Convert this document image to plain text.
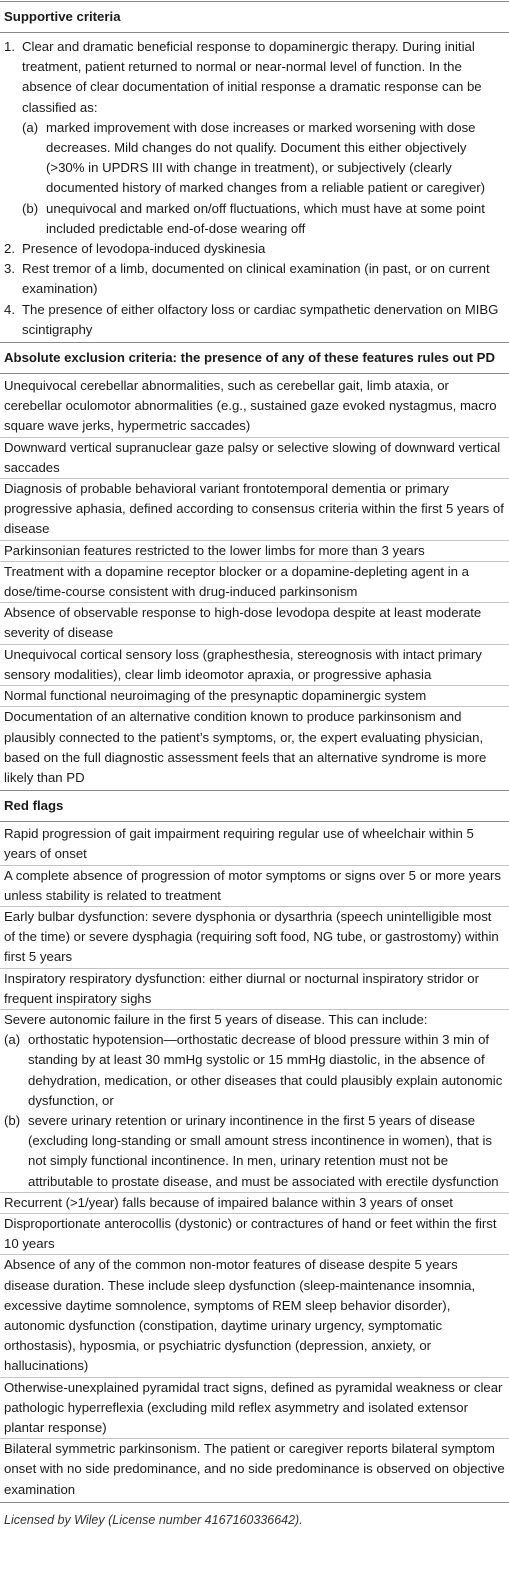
Supportive criteria
1. Clear and dramatic beneficial response to dopaminergic therapy. During initial treatment, patient returned to normal or near-normal level of function. In the absence of clear documentation of initial response a dramatic response can be classified as:
(a) marked improvement with dose increases or marked worsening with dose decreases. Mild changes do not qualify. Document this either objectively (>30% in UPDRS III with change in treatment), or subjectively (clearly documented history of marked changes from a reliable patient or caregiver)
(b) unequivocal and marked on/off fluctuations, which must have at some point included predictable end-of-dose wearing off
2. Presence of levodopa-induced dyskinesia
3. Rest tremor of a limb, documented on clinical examination (in past, or on current examination)
4. The presence of either olfactory loss or cardiac sympathetic denervation on MIBG scintigraphy
Absolute exclusion criteria: the presence of any of these features rules out PD
Unequivocal cerebellar abnormalities, such as cerebellar gait, limb ataxia, or cerebellar oculomotor abnormalities (e.g., sustained gaze evoked nystagmus, macro square wave jerks, hypermetric saccades)
Downward vertical supranuclear gaze palsy or selective slowing of downward vertical saccades
Diagnosis of probable behavioral variant frontotemporal dementia or primary progressive aphasia, defined according to consensus criteria within the first 5 years of disease
Parkinsonian features restricted to the lower limbs for more than 3 years
Treatment with a dopamine receptor blocker or a dopamine-depleting agent in a dose/time-course consistent with drug-induced parkinsonism
Absence of observable response to high-dose levodopa despite at least moderate severity of disease
Unequivocal cortical sensory loss (graphesthesia, stereognosis with intact primary sensory modalities), clear limb ideomotor apraxia, or progressive aphasia
Normal functional neuroimaging of the presynaptic dopaminergic system
Documentation of an alternative condition known to produce parkinsonism and plausibly connected to the patient’s symptoms, or, the expert evaluating physician, based on the full diagnostic assessment feels that an alternative syndrome is more likely than PD
Red flags
Rapid progression of gait impairment requiring regular use of wheelchair within 5 years of onset
A complete absence of progression of motor symptoms or signs over 5 or more years unless stability is related to treatment
Early bulbar dysfunction: severe dysphonia or dysarthria (speech unintelligible most of the time) or severe dysphagia (requiring soft food, NG tube, or gastrostomy) within first 5 years
Inspiratory respiratory dysfunction: either diurnal or nocturnal inspiratory stridor or frequent inspiratory sighs
Severe autonomic failure in the first 5 years of disease. This can include:
(a) orthostatic hypotension—orthostatic decrease of blood pressure within 3 min of standing by at least 30 mmHg systolic or 15 mmHg diastolic, in the absence of dehydration, medication, or other diseases that could plausibly explain autonomic dysfunction, or
(b) severe urinary retention or urinary incontinence in the first 5 years of disease (excluding long-standing or small amount stress incontinence in women), that is not simply functional incontinence. In men, urinary retention must not be attributable to prostate disease, and must be associated with erectile dysfunction
Recurrent (>1/year) falls because of impaired balance within 3 years of onset
Disproportionate anterocollis (dystonic) or contractures of hand or feet within the first 10 years
Absence of any of the common non-motor features of disease despite 5 years disease duration. These include sleep dysfunction (sleep-maintenance insomnia, excessive daytime somnolence, symptoms of REM sleep behavior disorder), autonomic dysfunction (constipation, daytime urinary urgency, symptomatic orthostasis), hyposmia, or psychiatric dysfunction (depression, anxiety, or hallucinations)
Otherwise-unexplained pyramidal tract signs, defined as pyramidal weakness or clear pathologic hyperreflexia (excluding mild reflex asymmetry and isolated extensor plantar response)
Bilateral symmetric parkinsonism. The patient or caregiver reports bilateral symptom onset with no side predominance, and no side predominance is observed on objective examination
Licensed by Wiley (License number 4167160336642).
